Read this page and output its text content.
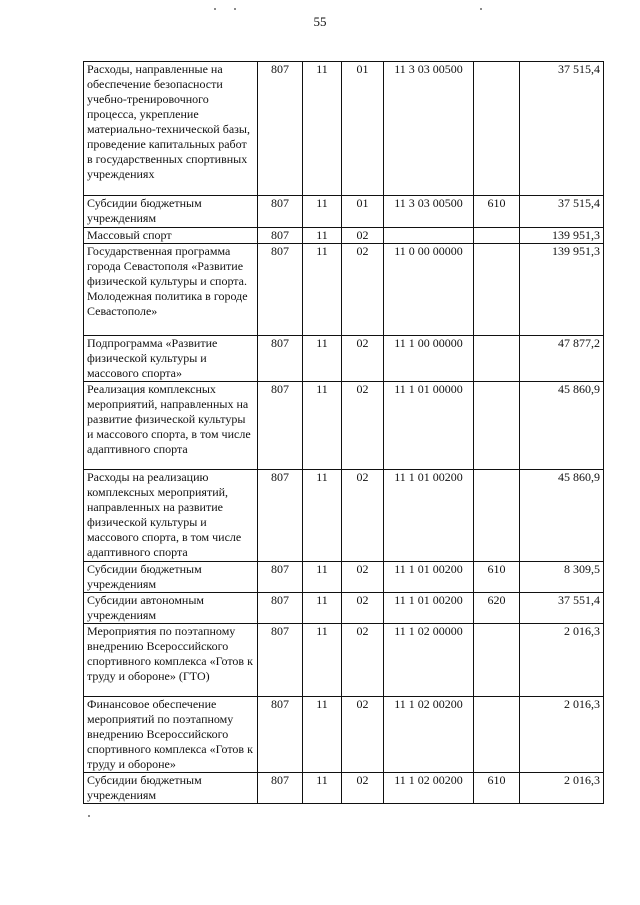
55
Расходы, направленные на обеспечение безопасности учебно-тренировочного процесса, укрепление материально-технической базы, проведение капитальных работ в государственных спортивных учреждениях	807	11	01	11 3 03 00500		37 515,4
Субсидии бюджетным учреждениям	807	11	01	11 3 03 00500	610	37 515,4
Массовый спорт	807	11	02			139 951,3
Государственная программа города Севастополя «Развитие физической культуры и спорта. Молодежная политика в городе Севастополе»	807	11	02	11 0 00 00000		139 951,3
Подпрограмма «Развитие физической культуры и массового спорта»	807	11	02	11 1 00 00000		47 877,2
Реализация комплексных мероприятий, направленных на развитие физической культуры и массового спорта, в том числе адаптивного спорта	807	11	02	11 1 01 00000		45 860,9
Расходы на реализацию комплексных мероприятий, направленных на развитие физической культуры и массового спорта, в том числе адаптивного спорта	807	11	02	11 1 01 00200		45 860,9
Субсидии бюджетным учреждениям	807	11	02	11 1 01 00200	610	8 309,5
Субсидии автономным учреждениям	807	11	02	11 1 01 00200	620	37 551,4
Мероприятия по поэтапному внедрению Всероссийского спортивного комплекса «Готов к труду и обороне» (ГТО)	807	11	02	11 1 02 00000		2 016,3
Финансовое обеспечение мероприятий по поэтапному внедрению Всероссийского спортивного комплекса «Готов к труду и обороне»	807	11	02	11 1 02 00200		2 016,3
Субсидии бюджетным учреждениям	807	11	02	11 1 02 00200	610	2 016,3
